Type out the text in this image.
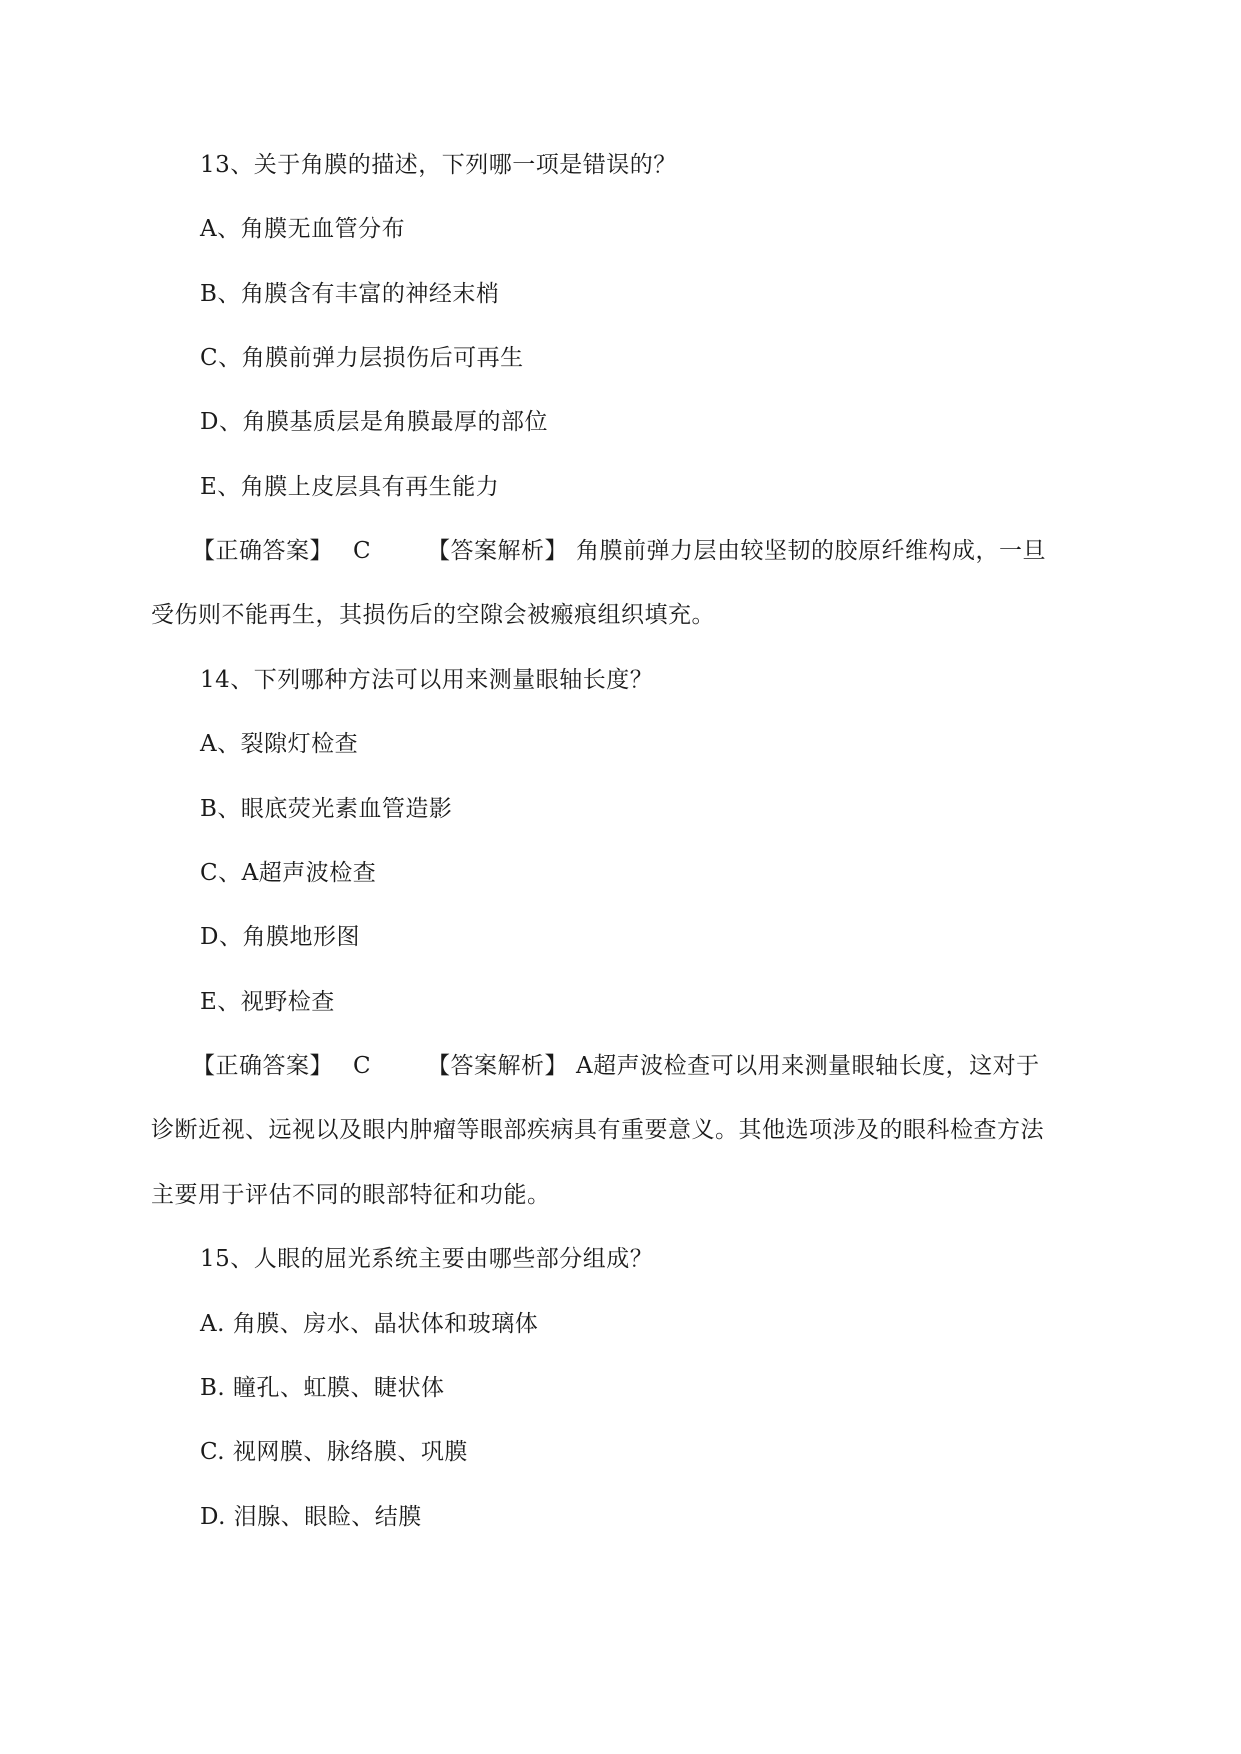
13、关于角膜的描述，下列哪一项是错误的？
A、角膜无血管分布
B、角膜含有丰富的神经末梢
C、角膜前弹力层损伤后可再生
D、角膜基质层是角膜最厚的部位
E、角膜上皮层具有再生能力
【正确答案】 C 【答案解析】 角膜前弹力层由较坚韧的胶原纤维构成，一旦
受伤则不能再生，其损伤后的空隙会被瘢痕组织填充。
14、下列哪种方法可以用来测量眼轴长度？
A、裂隙灯检查
B、眼底荧光素血管造影
C、A超声波检查
D、角膜地形图
E、视野检查
【正确答案】 C 【答案解析】 A超声波检查可以用来测量眼轴长度，这对于
诊断近视、远视以及眼内肿瘤等眼部疾病具有重要意义。其他选项涉及的眼科检查方法
主要用于评估不同的眼部特征和功能。
15、人眼的屈光系统主要由哪些部分组成？
A. 角膜、房水、晶状体和玻璃体
B. 瞳孔、虹膜、睫状体
C. 视网膜、脉络膜、巩膜
D. 泪腺、眼睑、结膜
